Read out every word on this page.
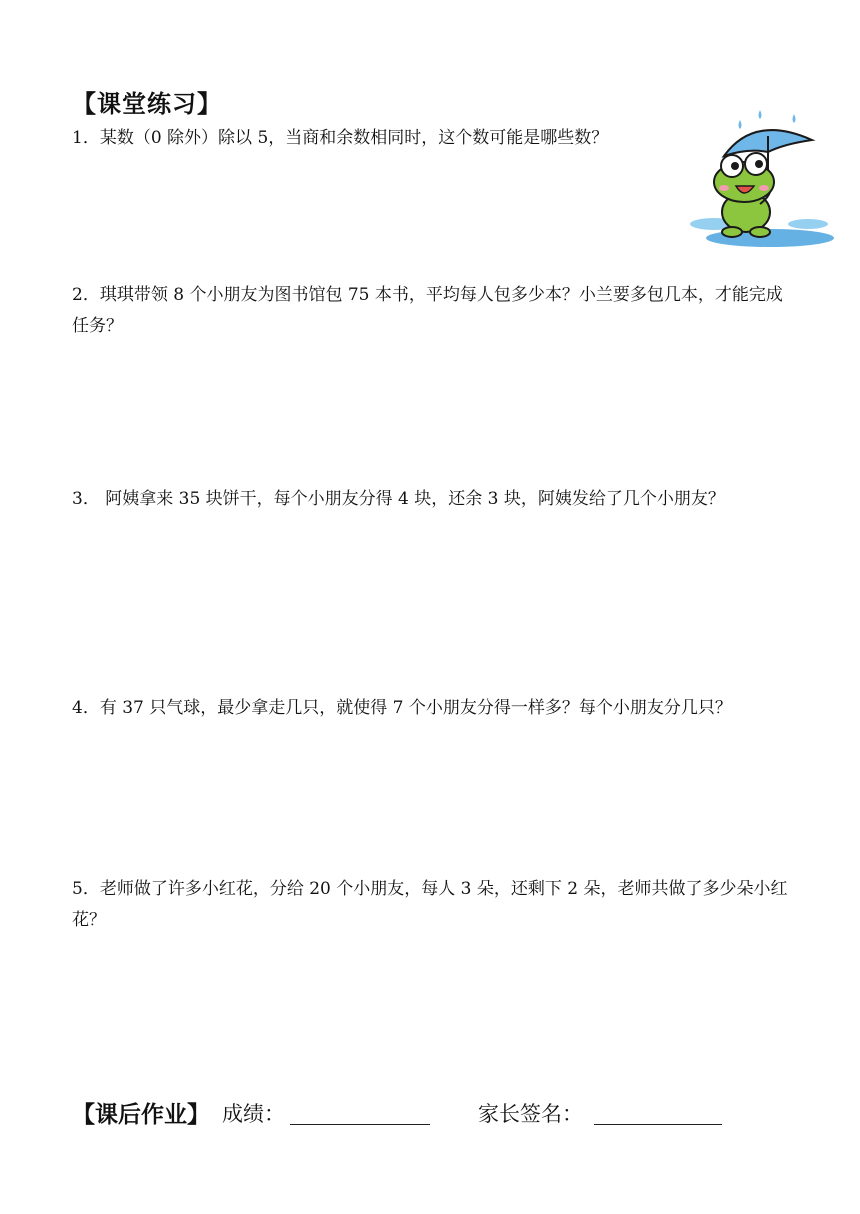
【课堂练习】
1．某数（0 除外）除以 5，当商和余数相同时，这个数可能是哪些数？
2．琪琪带领 8 个小朋友为图书馆包 75 本书，平均每人包多少本？小兰要多包几本，才能完成任务？
3． 阿姨拿来 35 块饼干，每个小朋友分得 4 块，还余 3 块，阿姨发给了几个小朋友？
4．有 37 只气球，最少拿走几只，就使得 7 个小朋友分得一样多？每个小朋友分几只？
5．老师做了许多小红花，分给 20 个小朋友，每人 3 朵，还剩下 2 朵，老师共做了多少朵小红花？
【课后作业】 成绩：	家长签名：
